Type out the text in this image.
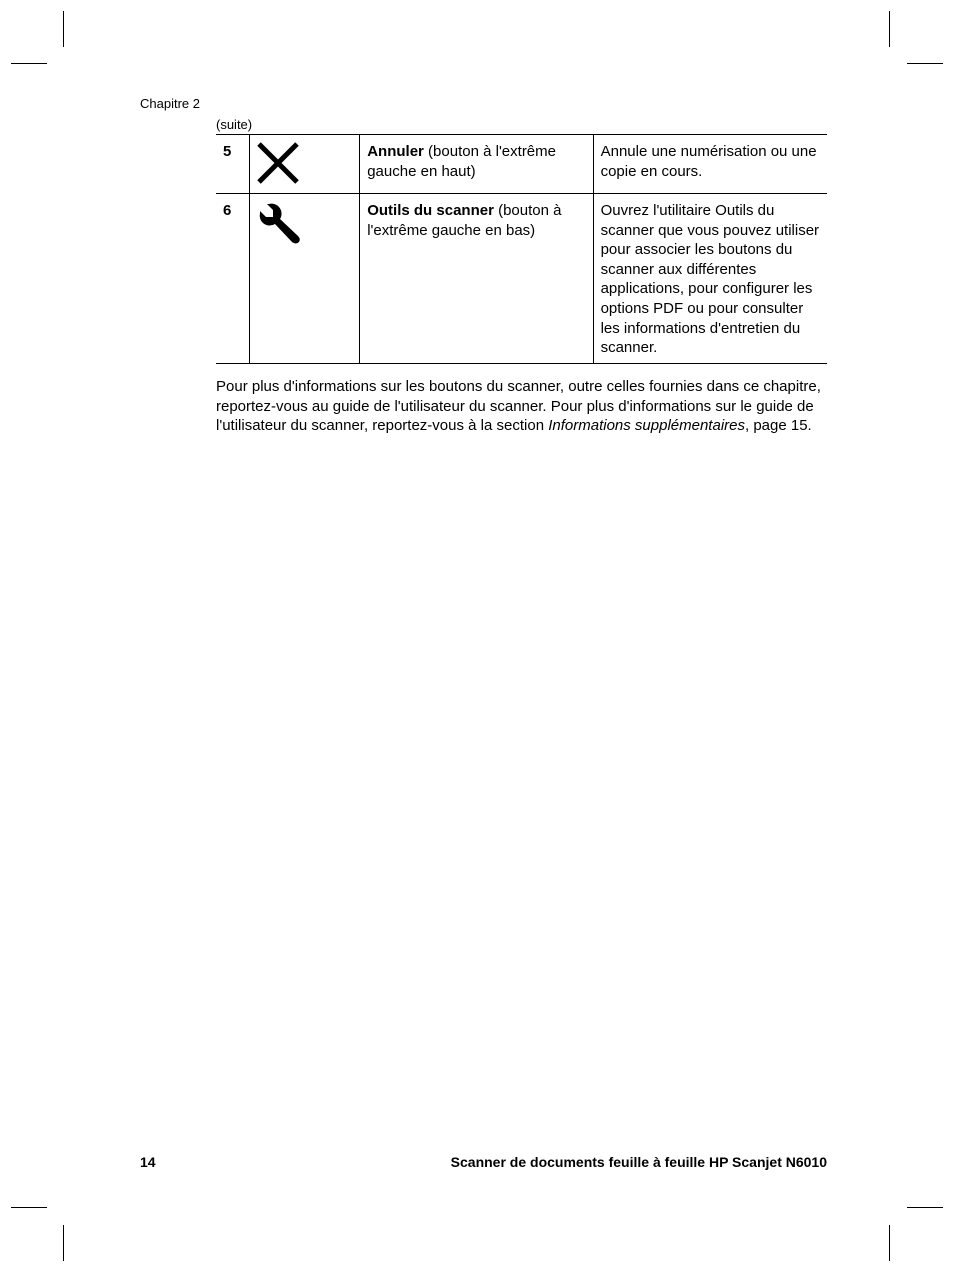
Chapitre 2
(suite)
5		Annuler (bouton à l'extrême gauche en haut)	Annule une numérisation ou une copie en cours.
6		Outils du scanner (bouton à l'extrême gauche en bas)	Ouvrez l'utilitaire Outils du scanner que vous pouvez utiliser pour associer les boutons du scanner aux différentes applications, pour configurer les options PDF ou pour consulter les informations d'entretien du scanner.
Pour plus d'informations sur les boutons du scanner, outre celles fournies dans ce chapitre, reportez-vous au guide de l'utilisateur du scanner. Pour plus d'informations sur le guide de l'utilisateur du scanner, reportez-vous à la section Informations supplémentaires, page 15.
14	Scanner de documents feuille à feuille HP Scanjet N6010
